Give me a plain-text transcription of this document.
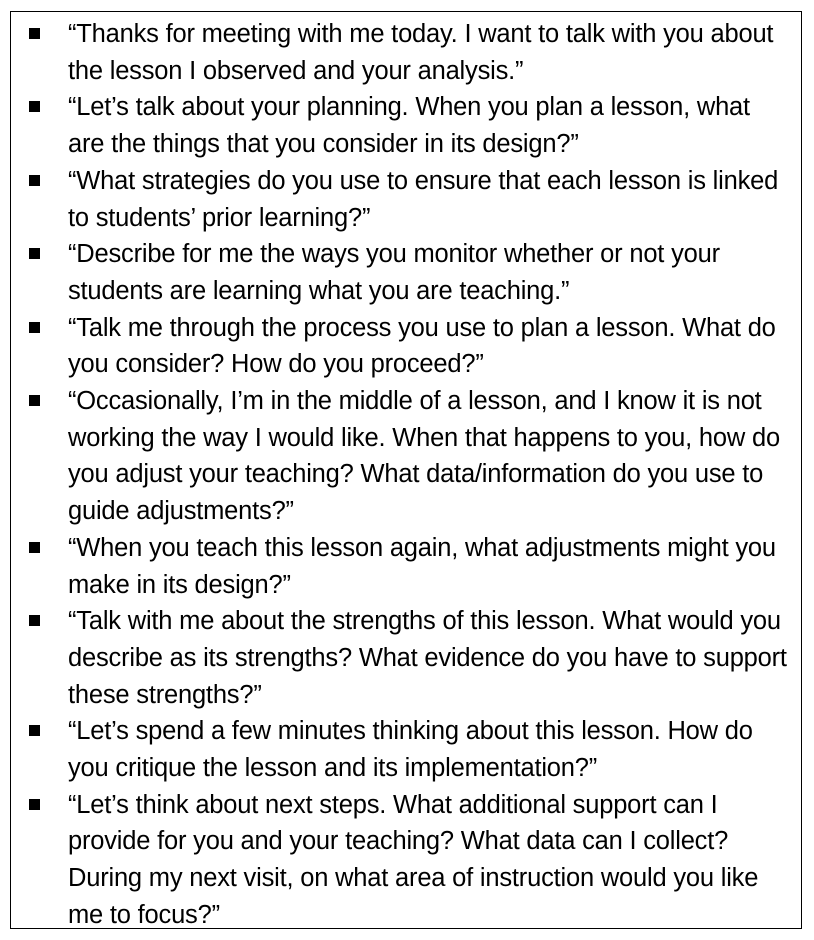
“Thanks for meeting with me today. I want to talk with you about the lesson I observed and your analysis.”
“Let’s talk about your planning. When you plan a lesson, what are the things that you consider in its design?”
“What strategies do you use to ensure that each lesson is linked to students’ prior learning?”
“Describe for me the ways you monitor whether or not your students are learning what you are teaching.”
“Talk me through the process you use to plan a lesson. What do you consider? How do you proceed?”
“Occasionally, I’m in the middle of a lesson, and I know it is not working the way I would like. When that happens to you, how do you adjust your teaching? What data/information do you use to guide adjustments?”
“When you teach this lesson again, what adjustments might you make in its design?”
“Talk with me about the strengths of this lesson. What would you describe as its strengths? What evidence do you have to support these strengths?”
“Let’s spend a few minutes thinking about this lesson. How do you critique the lesson and its implementation?”
“Let’s think about next steps. What additional support can I provide for you and your teaching? What data can I collect? During my next visit, on what area of instruction would you like me to focus?”
